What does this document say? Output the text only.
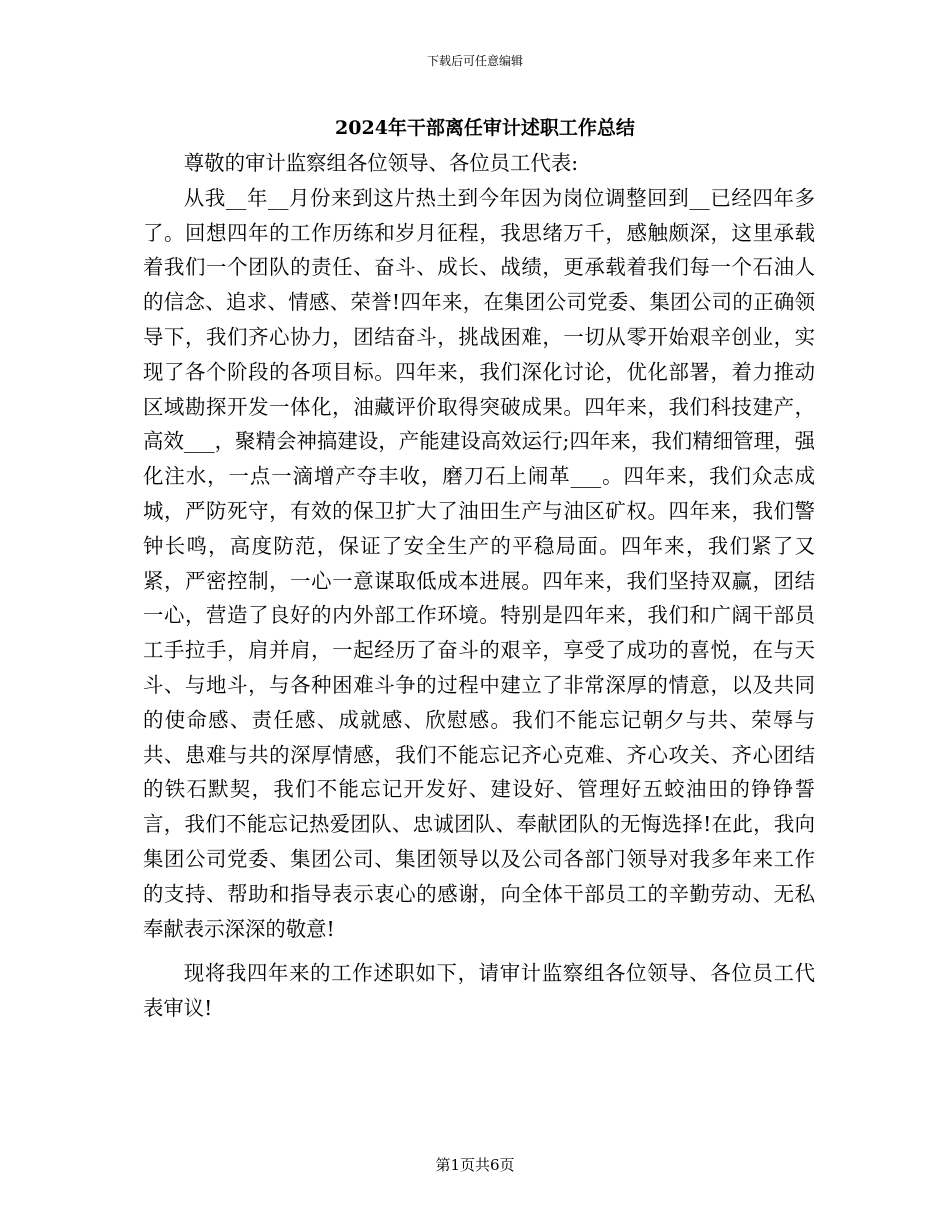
下载后可任意编辑
2024年干部离任审计述职工作总结

尊敬的审计监察组各位领导、各位员工代表:

从我__年__月份来到这片热土到今年因为岗位调整回到__已经四年多了。回想四年的工作历练和岁月征程，我思绪万千，感触颇深，这里承载着我们一个团队的责任、奋斗、成长、战绩，更承载着我们每一个石油人的信念、追求、情感、荣誉!四年来，在集团公司党委、集团公司的正确领导下，我们齐心协力，团结奋斗，挑战困难，一切从零开始艰辛创业，实现了各个阶段的各项目标。四年来，我们深化讨论，优化部署，着力推动区域勘探开发一体化，油藏评价取得突破成果。四年来，我们科技建产，高效___，聚精会神搞建设，产能建设高效运行;四年来，我们精细管理，强化注水，一点一滴增产夺丰收，磨刀石上闹革___。四年来，我们众志成城，严防死守，有效的保卫扩大了油田生产与油区矿权。四年来，我们警钟长鸣，高度防范，保证了安全生产的平稳局面。四年来，我们紧了又紧，严密控制，一心一意谋取低成本进展。四年来，我们坚持双赢，团结一心，营造了良好的内外部工作环境。特别是四年来，我们和广阔干部员工手拉手，肩并肩，一起经历了奋斗的艰辛，享受了成功的喜悦，在与天斗、与地斗，与各种困难斗争的过程中建立了非常深厚的情意，以及共同的使命感、责任感、成就感、欣慰感。我们不能忘记朝夕与共、荣辱与共、患难与共的深厚情感，我们不能忘记齐心克难、齐心攻关、齐心团结的铁石默契，我们不能忘记开发好、建设好、管理好五蛟油田的铮铮誓言，我们不能忘记热爱团队、忠诚团队、奉献团队的无悔选择!在此，我向集团公司党委、集团公司、集团领导以及公司各部门领导对我多年来工作的支持、帮助和指导表示衷心的感谢，向全体干部员工的辛勤劳动、无私奉献表示深深的敬意!

现将我四年来的工作述职如下，请审计监察组各位领导、各位员工代表审议!

第1页共6页
